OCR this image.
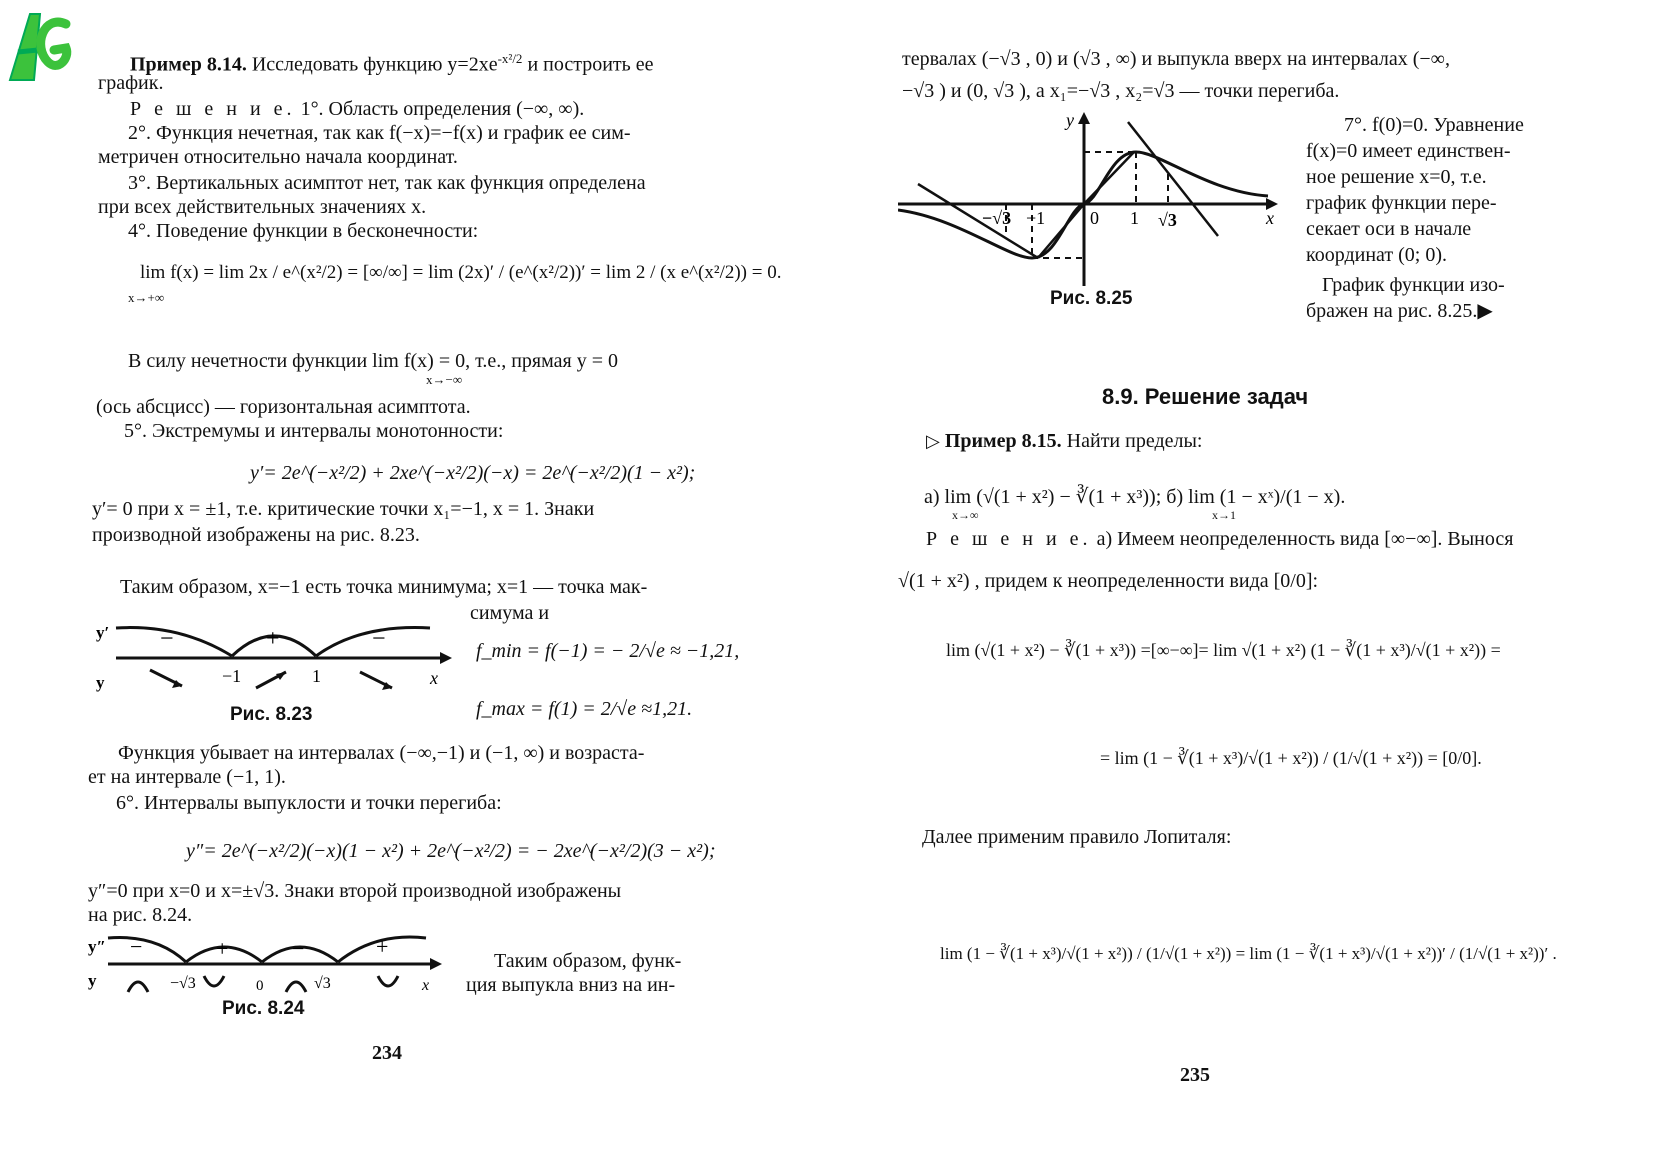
Пример 8.14. Исследовать функцию $y=2xe^{-x^2/2}$ и построить ее
график.
Р е ш е н и е. 1°. Область определения (−∞, ∞).
2°. Функция нечетная, так как f(−x)=−f(x) и график ее сим-
метричен относительно начала координат.
3°. Вертикальных асимптот нет, так как функция определена
при всех действительных значениях x.
4°. Поведение функции в бесконечности:
lim f(x) = lim 2x / e^(x²/2) = [∞/∞] = lim (2x)′ / (e^(x²/2))′ = lim 2 / (x e^(x²/2)) = 0.
x→+∞
В силу нечетности функции lim f(x) = 0, т.е., прямая y = 0
x→−∞
(ось абсцисс) — горизонтальная асимптота.
5°. Экстремумы и интервалы монотонности:
y′= 2e^(−x²/2) + 2xe^(−x²/2)(−x) = 2e^(−x²/2)(1 − x²);
y′= 0 при x = ±1, т.е. критические точки x₁=−1, x = 1. Знаки
производной изображены на рис. 8.23.
Таким образом, x=−1 есть точка минимума; x=1 — точка мак-
симума и
y′
y
−	+	−
−1	1	x
Рис. 8.23
f_min = f(−1) = − 2/√e ≈ −1,21,
f_max = f(1) = 2/√e ≈1,21.
Функция убывает на интервалах (−∞,−1) и (−1, ∞) и возраста-
ет на интервале (−1, 1).
6°. Интервалы выпуклости и точки перегиба:
y″= 2e^(−x²/2)(−x)(1 − x²) + 2e^(−x²/2) = − 2xe^(−x²/2)(3 − x²);
y″=0 при x=0 и x=±√3. Знаки второй производной изображены
на рис. 8.24.
y″
y
−	+	−	+
−√3	0	√3	x
Рис. 8.24
Таким образом, функ-
ция выпукла вниз на ин-
234
тервалах (−√3 , 0) и (√3 , ∞) и выпукла вверх на интервалах (−∞,
−√3 ) и (0, √3 ), а x₁=−√3 , x₂=√3 — точки перегиба.
y
x
−√3 −1 0 1 √3
Рис. 8.25
7°. f(0)=0. Уравнение
f(x)=0 имеет единствен-
ное решение x=0, т.е.
график функции пере-
секает оси в начале
координат (0; 0).
График функции изо-
бражен на рис. 8.25.▶
8.9. Решение задач
▷ Пример 8.15. Найти пределы:
а) lim (√(1 + x²) − ∛(1 + x³)); б) lim (1 − xˣ)/(1 − x).
x→∞	x→1
Р е ш е н и е. а) Имеем неопределенность вида [∞−∞]. Вынося
√(1 + x²) , придем к неопределенности вида [0/0]:
lim (√(1 + x²) − ∛(1 + x³)) =[∞−∞]= lim √(1 + x²) (1 − ∛(1 + x³)/√(1 + x²)) =
= lim (1 − ∛(1 + x³)/√(1 + x²)) / (1/√(1 + x²)) = [0/0].
Далее применим правило Лопиталя:
lim (1 − ∛(1 + x³)/√(1 + x²)) / (1/√(1 + x²)) = lim (1 − ∛(1 + x³)/√(1 + x²))′ / (1/√(1 + x²))′ .
235
